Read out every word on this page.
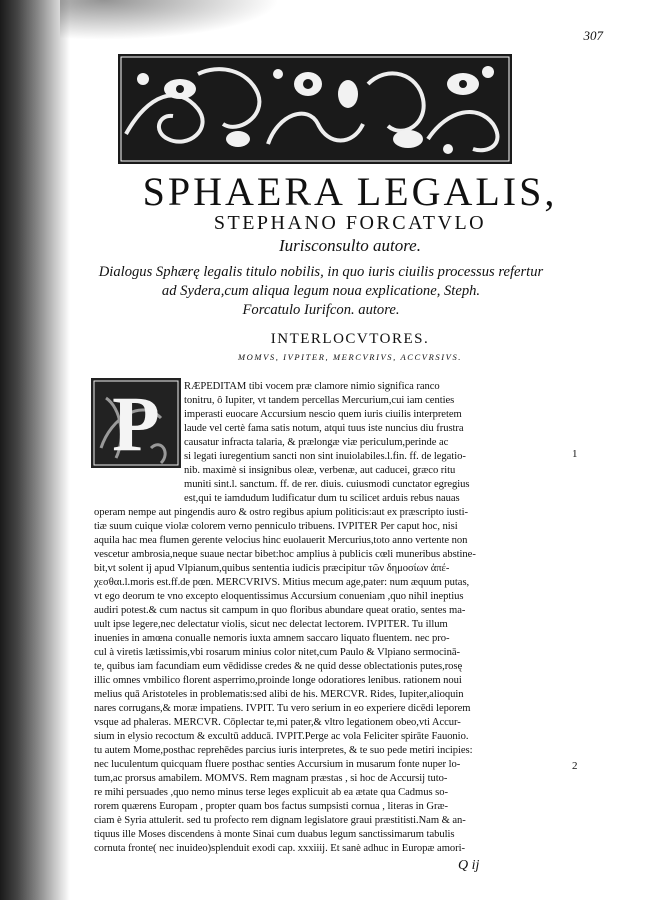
307
SPHAERA LEGALIS,
STEPHANO FORCATVLO
Iurisconsulto autore.
Dialogus Sphærę legalis titulo nobilis, in quo iuris ciuilis processus refertur
ad Sydera,cum aliqua legum noua explicatione, Steph.
Forcatulo Iurifcon. autore.
INTERLOCVTORES.
MOMVS, IVPITER, MERCVRIVS, ACCVRSIVS.
P RÆPEDITAM tibi vocem præ clamore nimio significa ranco
tonitru, ô Iupiter, vt tandem percellas Mercurium,cui iam centies
imperasti euocare Accursium nescio quem iuris ciuilis interpretem
laude vel certè fama satis notum, atqui tuus iste nuncius diu frustra
causatur infracta talaria, & prælongæ viæ periculum,perinde ac
si legati iuregentium sancti non sint inuiolabiles.l.fin. ff. de legatio-
nib. maximè si insignibus oleæ, verbenæ, aut caducei, græco ritu
muniti sint.l. sanctum. ff. de rer. diuis. cuiusmodi cunctator egregius
est,qui te iamdudum ludificatur dum tu scilicet arduis rebus nauas
operam nempe aut pingendis auro & ostro regibus apium politicis:aut ex præscripto iusti-
tiæ suum cuique violæ colorem verno penniculo tribuens. IVPITER Per caput hoc, nisi
aquila hac mea flumen gerente velocius hinc euolauerit Mercurius,toto anno vertente non
vescetur ambrosia,neque suaue nectar bibet:hoc amplius à publicis cœli muneribus abstine-
bit,vt solent ij apud Vlpianum,quibus sententia iudicis præcipitur τῶν δημοσίων ἀπέ-
χεσθαι.l.moris est.ff.de pœn. MERCVRIVS. Mitius mecum age,pater: num æquum putas,
vt ego deorum te vno excepto eloquentissimus Accursium conueniam ,quo nihil ineptius
audiri potest.& cum nactus sit campum in quo floribus abundare queat oratio, sentes ma-
uult ipse legere,nec delectatur violis, sicut nec delectat lectorem. IVPITER. Tu illum
inuenies in amœna conualle nemoris iuxta amnem saccaro liquato fluentem. nec pro-
cul à viretis lætissimis,vbi rosarum minius color nitet,cum Paulo & Vlpiano sermocinā-
te, quibus iam facundiam eum vēdidisse credes & ne quid desse oblectationis putes,rosę
illic omnes vmbilico florent asperrimo,proinde longe odoratiores lenibus. rationem noui
melius quā Aristoteles in problematis:sed alibi de his. MERCVR. Rides, Iupiter,alioquin
nares corrugans,& moræ impatiens. IVPIT. Tu vero serium in eo experiere dicēdi leporem
vsque ad phaleras. MERCVR. Cōplectar te,mi pater,& vltro legationem obeo,vti Accur-
sium in elysio recoctum & excultū adducā. IVPIT.Perge ac vola Feliciter spirāte Fauonio.
tu autem Mome,posthac reprehēdes parcius iuris interpretes, & te suo pede metiri incipies:
nec luculentum quicquam fluere posthac senties Accursium in musarum fonte nuper lo-
tum,ac prorsus amabilem. MOMVS. Rem magnam præstas , si hoc de Accursij tuto-
re mihi persuades ,quo nemo minus terse leges explicuit ab ea ætate qua Cadmus so-
rorem quærens Europam , propter quam bos factus sumpsisti cornua , literas in Græ-
ciam è Syria attulerit. sed tu profecto rem dignam legislatore graui præstitisti.Nam & an-
tiquus ille Moses discendens à monte Sinai cum duabus legum sanctissimarum tabulis
cornuta fronte( nec inuideo)splenduit exodi cap. xxxiiij. Et sanè adhuc in Europæ amori-
1
2
Q ij
